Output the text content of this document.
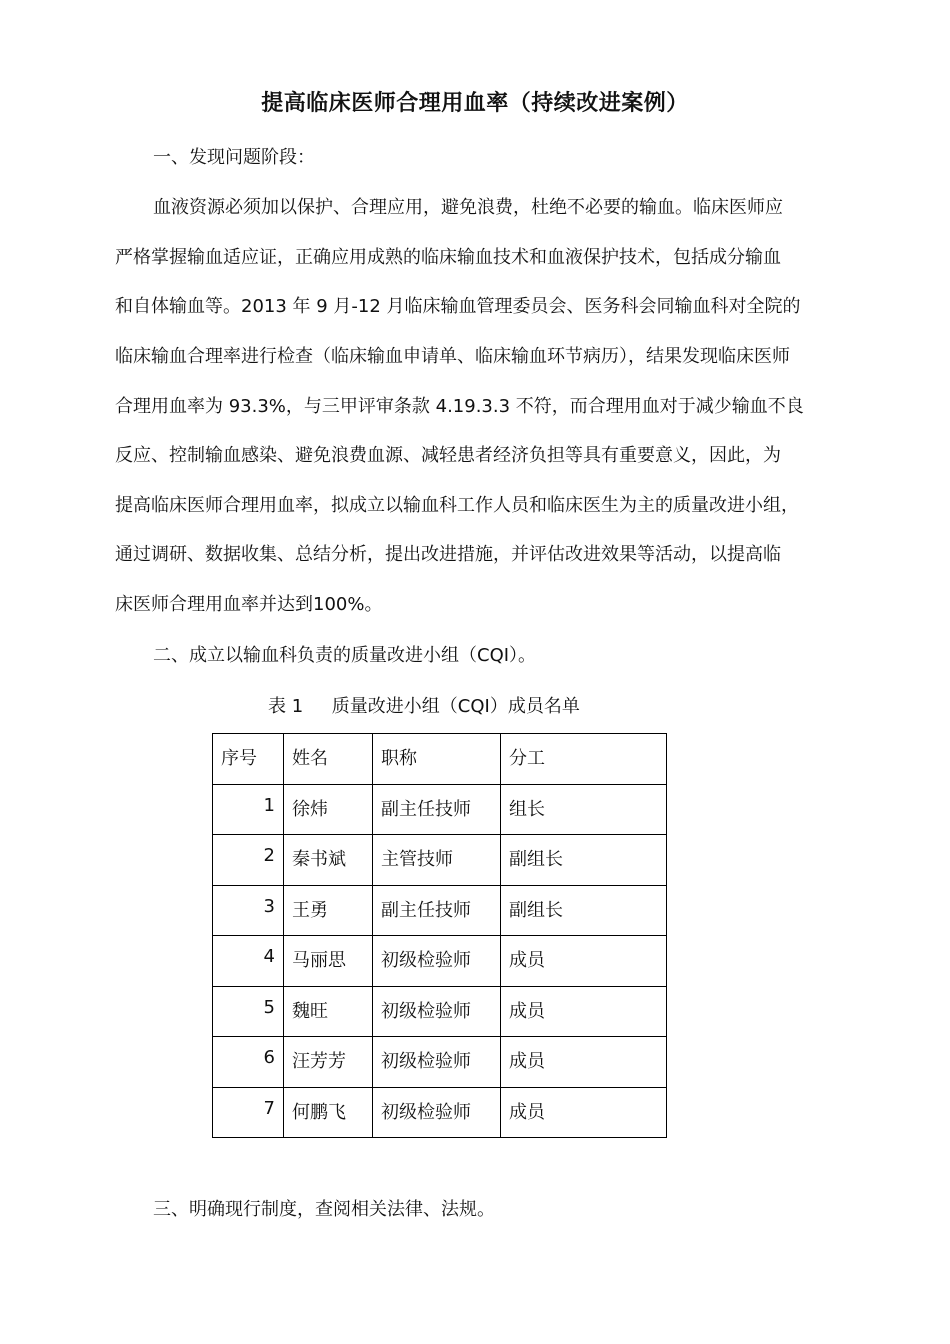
提高临床医师合理用血率（持续改进案例）
一、发现问题阶段：
血液资源必须加以保护、合理应用，避免浪费，杜绝不必要的输血。临床医师应
严格掌握输血适应证，正确应用成熟的临床输血技术和血液保护技术，包括成分输血
和自体输血等。2013 年 9 月-12 月临床输血管理委员会、医务科会同输血科对全院的
临床输血合理率进行检查（临床输血申请单、临床输血环节病历），结果发现临床医师
合理用血率为 93.3%，与三甲评审条款 4.19.3.3 不符，而合理用血对于减少输血不良
反应、控制输血感染、避免浪费血源、减轻患者经济负担等具有重要意义，因此，为
提高临床医师合理用血率，拟成立以输血科工作人员和临床医生为主的质量改进小组，
通过调研、数据收集、总结分析，提出改进措施，并评估改进效果等活动，以提高临
床医师合理用血率并达到100%。
二、成立以输血科负责的质量改进小组（CQI）。
表 1     质量改进小组（CQI）成员名单
序号	姓名	职称	分工
1	徐炜	副主任技师	组长
2	秦书斌	主管技师	副组长
3	王勇	副主任技师	副组长
4	马丽思	初级检验师	成员
5	魏旺	初级检验师	成员
6	汪芳芳	初级检验师	成员
7	何鹏飞	初级检验师	成员
三、明确现行制度，查阅相关法律、法规。
